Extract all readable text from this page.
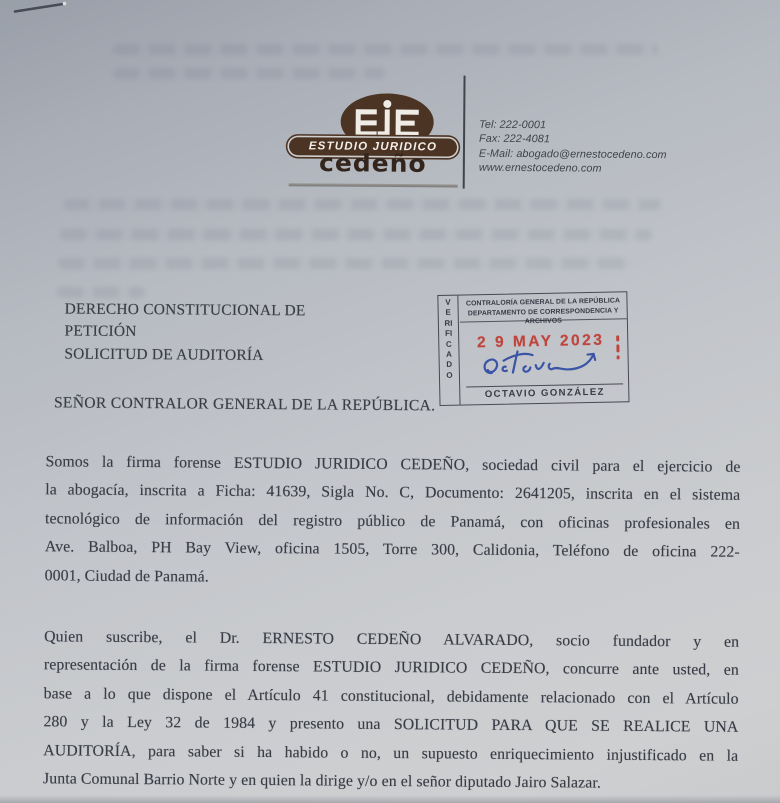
ESTUDIO JURIDICO
cedeño
Tel: 222-0001
Fax: 222-4081
E-Mail: abogado@ernestocedeno.com
www.ernestocedeno.com
DERECHO CONSTITUCIONAL DE
PETICIÓN
SOLICITUD DE AUDITORÍA
SEÑOR CONTRALOR GENERAL DE LA REPÚBLICA.
VERIFICADO
CONTRALORÍA GENERAL DE LA REPÚBLICA
DEPARTAMENTO DE CORRESPONDENCIA Y ARCHIVOS
2 9 MAY 2023
OCTAVIO GONZÁLEZ
Somos la firma forense ESTUDIO JURIDICO CEDEÑO, sociedad civil para el ejercicio de
la abogacía, inscrita a Ficha: 41639, Sigla No. C, Documento: 2641205, inscrita en el sistema
tecnológico de información del registro público de Panamá, con oficinas profesionales en
Ave. Balboa, PH Bay View, oficina 1505, Torre 300, Calidonia, Teléfono de oficina 222-
0001, Ciudad de Panamá.
Quien suscribe, el Dr. ERNESTO CEDEÑO ALVARADO, socio fundador y en
representación de la firma forense ESTUDIO JURIDICO CEDEÑO, concurre ante usted, en
base a lo que dispone el Artículo 41 constitucional, debidamente relacionado con el Artículo
280 y la Ley 32 de 1984 y presento una SOLICITUD PARA QUE SE REALICE UNA
AUDITORÍA, para saber si ha habido o no, un supuesto enriquecimiento injustificado en la
Junta Comunal Barrio Norte y en quien la dirige y/o en el señor diputado Jairo Salazar.
